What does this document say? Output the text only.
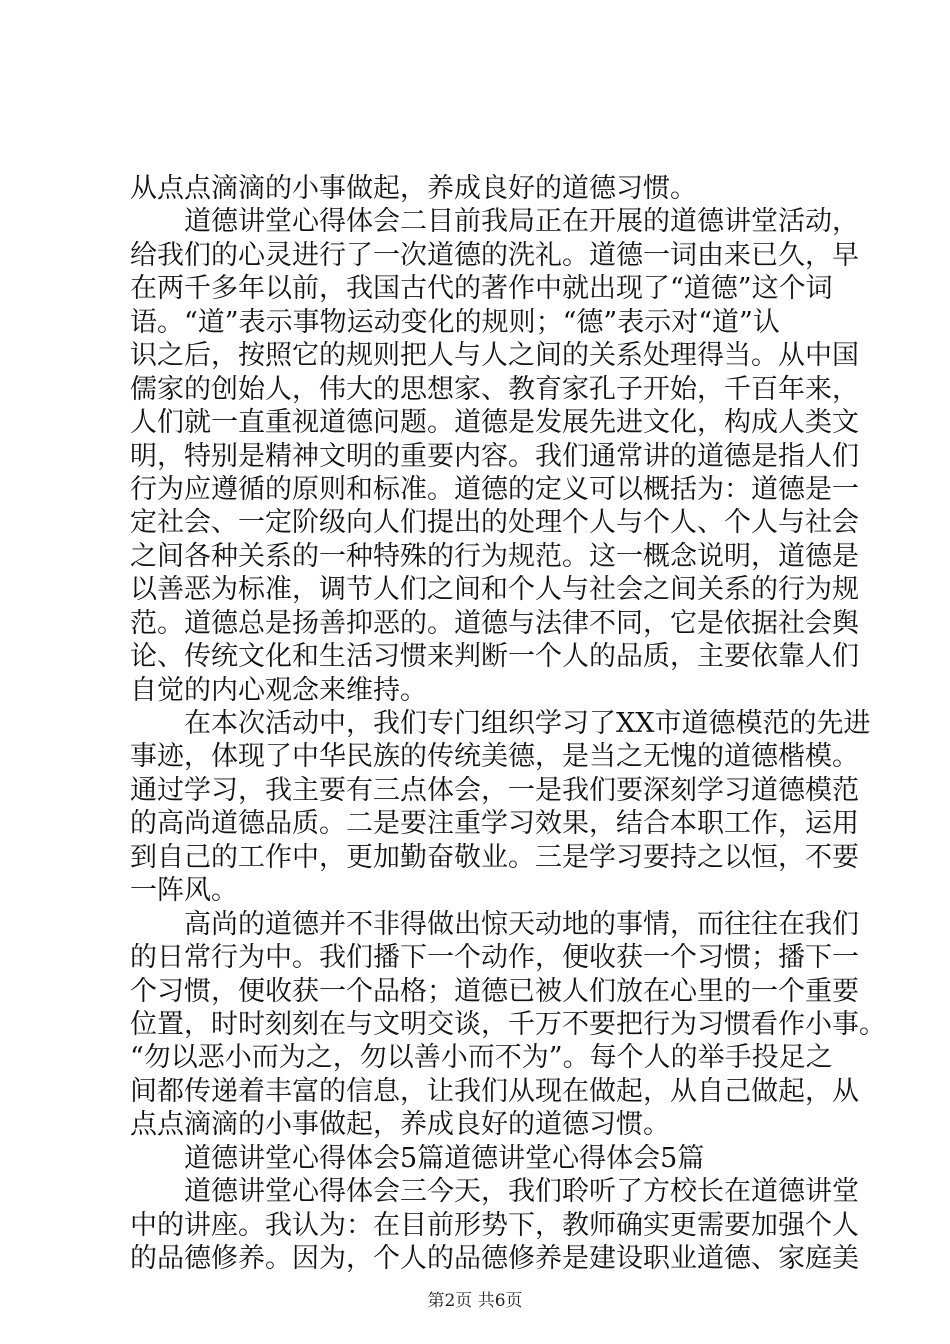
从点点滴滴的小事做起，养成良好的道德习惯。
道德讲堂心得体会二目前我局正在开展的道德讲堂活动，
给我们的心灵进行了一次道德的洗礼。道德一词由来已久，早
在两千多年以前，我国古代的著作中就出现了“道德”这个词
语。“道”表示事物运动变化的规则；“德”表示对“道”认
识之后，按照它的规则把人与人之间的关系处理得当。从中国
儒家的创始人，伟大的思想家、教育家孔子开始，千百年来，
人们就一直重视道德问题。道德是发展先进文化，构成人类文
明，特别是精神文明的重要内容。我们通常讲的道德是指人们
行为应遵循的原则和标准。道德的定义可以概括为：道德是一
定社会、一定阶级向人们提出的处理个人与个人、个人与社会
之间各种关系的一种特殊的行为规范。这一概念说明，道德是
以善恶为标准，调节人们之间和个人与社会之间关系的行为规
范。道德总是扬善抑恶的。道德与法律不同，它是依据社会舆
论、传统文化和生活习惯来判断一个人的品质，主要依靠人们
自觉的内心观念来维持。
在本次活动中，我们专门组织学习了XX市道德模范的先进
事迹，体现了中华民族的传统美德，是当之无愧的道德楷模。
通过学习，我主要有三点体会，一是我们要深刻学习道德模范
的高尚道德品质。二是要注重学习效果，结合本职工作，运用
到自己的工作中，更加勤奋敬业。三是学习要持之以恒，不要
一阵风。
高尚的道德并不非得做出惊天动地的事情，而往往在我们
的日常行为中。我们播下一个动作，便收获一个习惯；播下一
个习惯，便收获一个品格；道德已被人们放在心里的一个重要
位置，时时刻刻在与文明交谈，千万不要把行为习惯看作小事。
“勿以恶小而为之，勿以善小而不为”。每个人的举手投足之
间都传递着丰富的信息，让我们从现在做起，从自己做起，从
点点滴滴的小事做起，养成良好的道德习惯。
道德讲堂心得体会5篇道德讲堂心得体会5篇
道德讲堂心得体会三今天，我们聆听了方校长在道德讲堂
中的讲座。我认为：在目前形势下，教师确实更需要加强个人
的品德修养。因为，个人的品德修养是建设职业道德、家庭美
第2页 共6页
